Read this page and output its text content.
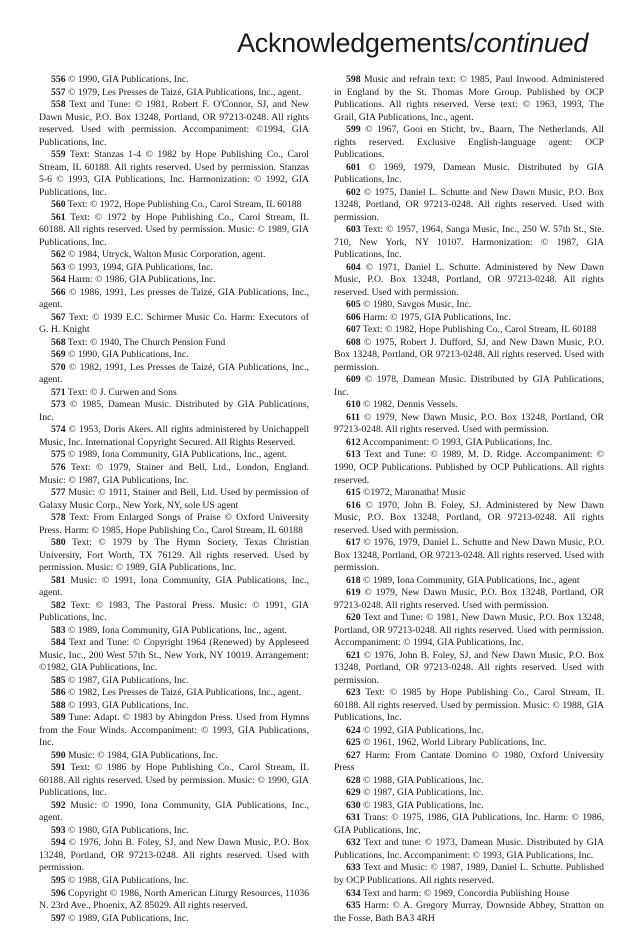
Acknowledgements/continued

556 © 1990, GIA Publications, Inc.

557 © 1979, Les Presses de Taizé, GIA Publications, Inc., agent.

558 Text and Tune: © 1981, Robert F. O'Connor, SJ, and New Dawn Music, P.O. Box 13248, Portland, OR 97213-0248. All rights reserved. Used with permission. Accompaniment: ©1994, GIA Publications, Inc.

559 Text: Stanzas 1-4 © 1982 by Hope Publishing Co., Carol Stream, IL 60188. All rights reserved. Used by permission. Stanzas 5-6 © 1993, GIA Publications, Inc. Harmonization: © 1992, GIA Publications, Inc.

560 Text: © 1972, Hope Publishing Co., Carol Stream, IL 60188

561 Text: © 1972 by Hope Publishing Co., Carol Stream, IL 60188. All rights reserved. Used by permission. Music: © 1989, GIA Publications, Inc.

562 © 1984, Utryck, Walton Music Corporation, agent.

563 © 1993, 1994, GIA Publications, Inc.

564 Harm: © 1986, GIA Publications, Inc.

566 © 1986, 1991, Les presses de Taizé, GIA Publications, Inc., agent.

567 Text: © 1939 E.C. Schirmer Music Co. Harm: Executors of G. H. Knight

568 Text: © 1940, The Church Pension Fund

569 © 1990, GIA Publications, Inc.

570 © 1982, 1991, Les Presses de Taizé, GIA Publications, Inc., agent.

571 Text: © J. Curwen and Sons

573 © 1985, Damean Music. Distributed by GIA Publications, Inc.

574 © 1953, Doris Akers. All rights administered by Unichappell Music, Inc. International Copyright Secured. All Rights Reserved.

575 © 1989, Iona Community, GIA Publications, Inc., agent.

576 Text: © 1979, Stainer and Bell, Ltd., London, England. Music: © 1987, GIA Publications, Inc.

577 Music: © 1911, Stainer and Bell, Ltd. Used by permission of Galaxy Music Corp., New York, NY, sole US agent

578 Text: From Enlarged Songs of Praise © Oxford University Press. Harm: © 1985, Hope Publishing Co., Carol Stream, IL 60188

580 Text: © 1979 by The Hymn Society, Texas Christian University, Fort Worth, TX 76129. All rights reserved. Used by permission. Music: © 1989, GIA Publications, Inc.

581 Music: © 1991, Iona Community, GIA Publications, Inc., agent.

582 Text: © 1983, The Pastoral Press. Music: © 1991, GIA Publications, Inc.

583 © 1989, Iona Community, GIA Publications, Inc., agent.

584 Text and Tune: © Copyright 1964 (Renewed) by Appleseed Music, Inc., 200 West 57th St., New York, NY 10019. Arrangement: ©1982, GIA Publications, Inc.

585 © 1987, GIA Publications, Inc.

586 © 1982, Les Presses de Taizé, GIA Publications, Inc., agent.

588 © 1993, GIA Publications, Inc.

589 Tune: Adapt. © 1983 by Abingdon Press. Used from Hymns from the Four Winds. Accompaniment: © 1993, GIA Publications, Inc.

590 Music: © 1984, GIA Publications, Inc.

591 Text: © 1986 by Hope Publishing Co., Carol Stream, IL 60188. All rights reserved. Used by permission. Music: © 1990, GIA Publications, Inc.

592 Music: © 1990, Iona Community, GIA Publications, Inc., agent.

593 © 1980, GIA Publications, Inc.

594 © 1976, John B. Foley, SJ, and New Dawn Music, P.O. Box 13248, Portland, OR 97213-0248. All rights reserved. Used with permission.

595 © 1988, GIA Publications, Inc.

596 Copyright © 1986, North American Liturgy Resources, 11036 N. 23rd Ave., Phoenix, AZ 85029. All rights reserved.

597 © 1989, GIA Publications, Inc.

598 Music and refrain text: © 1985, Paul Inwood. Administered in England by the St. Thomas More Group. Published by OCP Publications. All rights reserved. Verse text: © 1963, 1993, The Grail, GIA Publications, Inc., agent.

599 © 1967, Gooi en Sticht, bv., Baarn, The Netherlands. All rights reserved. Exclusive English-language agent: OCP Publications.

601 © 1969, 1979, Damean Music. Distributed by GIA Publications, Inc.

602 © 1975, Daniel L. Schutte and New Dawn Music, P.O. Box 13248, Portland, OR 97213-0248. All rights reserved. Used with permission.

603 Text: © 1957, 1964, Sanga Music, Inc., 250 W. 57th St., Ste. 710, New York, NY 10107. Harmonization: © 1987, GIA Publications, Inc.

604 © 1971, Daniel L. Schutte. Administered by New Dawn Music, P.O. Box 13248, Portland, OR 97213-0248. All rights reserved. Used with permission.

605 © 1980, Savgos Music, Inc.

606 Harm: © 1975, GIA Publications, Inc.

607 Text: © 1982, Hope Publishing Co., Carol Stream, IL 60188

608 © 1975, Robert J. Dufford, SJ, and New Dawn Music, P.O. Box 13248, Portland, OR 97213-0248. All rights reserved. Used with permission.

609 © 1978, Damean Music. Distributed by GIA Publications, Inc.

610 © 1982, Dennis Vessels.

611 © 1979, New Dawn Music, P.O. Box 13248, Portland, OR 97213-0248. All rights reserved. Used with permission.

612 Accompaniment: © 1993, GIA Publications, Inc.

613 Text and Tune: © 1989, M. D. Ridge. Accompaniment: © 1990, OCP Publications. Published by OCP Publications. All rights reserved.

615 ©1972, Maranatha! Music

616 © 1970, John B. Foley, SJ. Administered by New Dawn Music, P.O. Box 13248, Portland, OR 97213-0248. All rights reserved. Used with permission.

617 © 1976, 1979, Daniel L. Schutte and New Dawn Music, P.O. Box 13248, Portland, OR 97213-0248. All rights reserved. Used with permission.

618 © 1989, Iona Community, GIA Publications, Inc., agent

619 © 1979, New Dawn Music, P.O. Box 13248, Portland, OR 97213-0248. All rights reserved. Used with permission.

620 Text and Tune: © 1981, New Dawn Music, P.O. Box 13248, Portland, OR 97213-0248. All rights reserved. Used with permission. Accompaniment: © 1994, GIA Publications, Inc.

621 © 1976, John B. Foley, SJ, and New Dawn Music, P.O. Box 13248, Portland, OR 97213-0248. All rights reserved. Used with permission.

623 Text: © 1985 by Hope Publishing Co., Carol Stream, IL 60188. All rights reserved. Used by permission. Music: © 1988, GIA Publications, Inc.

624 © 1992, GIA Publications, Inc.

625 © 1961, 1962, World Library Publications, Inc.

627 Harm: From Cantate Domino © 1980, Oxford University Press

628 © 1988, GIA Publications, Inc.

629 © 1987, GIA Publications, Inc.

630 © 1983, GIA Publications, Inc.

631 Trans: © 1975, 1986, GIA Publications, Inc. Harm: © 1986, GIA Publications, Inc.

632 Text and tune: © 1973, Damean Music. Distributed by GIA Publications, Inc. Accompaniment: © 1993, GIA Publications, Inc.

633 Text and Music: © 1987, 1989, Daniel L. Schutte. Published by OCP Publications. All rights reserved.

634 Text and harm: © 1969, Concordia Publishing House

635 Harm: © A. Gregory Murray, Downside Abbey, Stratton on the Fosse, Bath BA3 4RH
